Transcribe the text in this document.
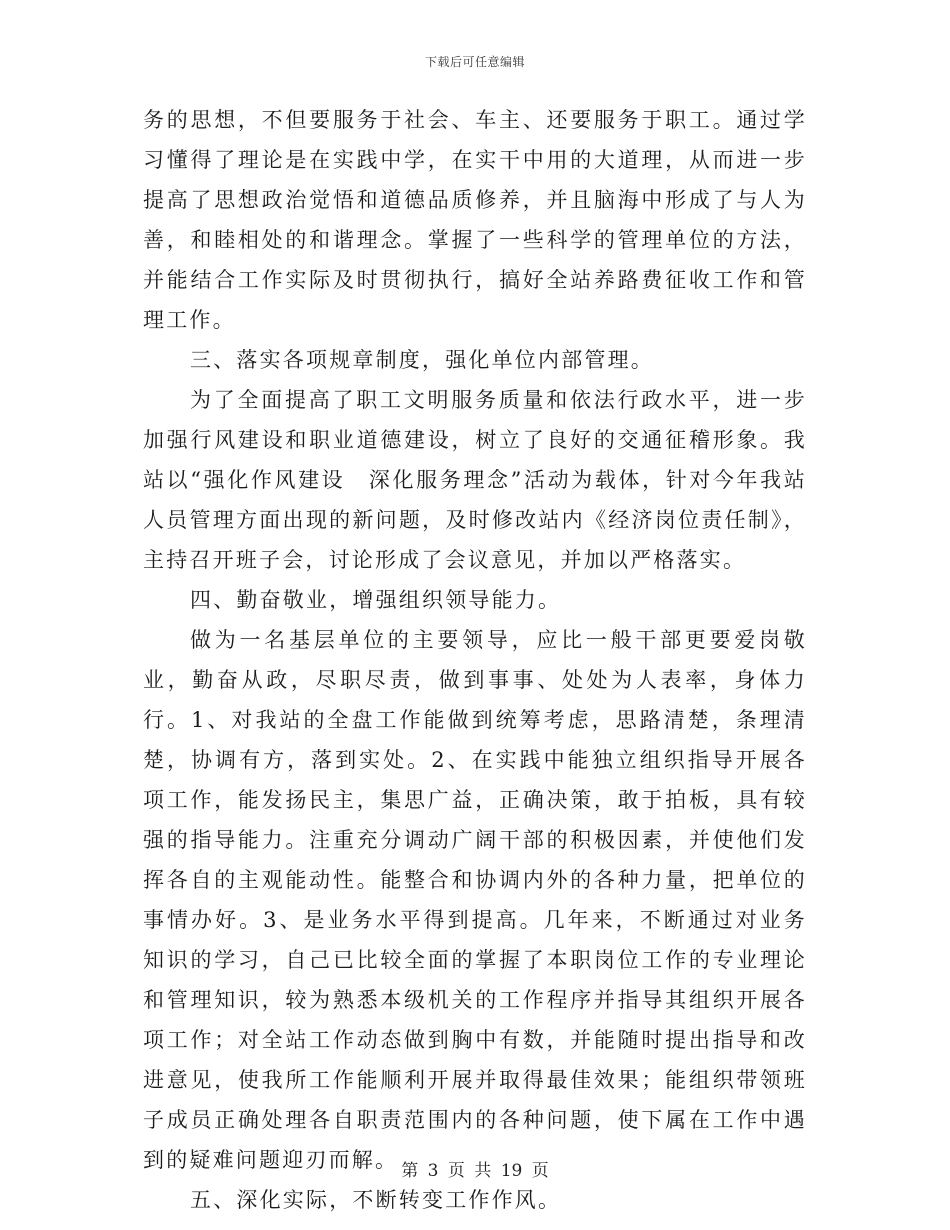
下载后可任意编辑

务的思想，不但要服务于社会、车主、还要服务于职工。通过学习懂得了理论是在实践中学，在实干中用的大道理，从而进一步提高了思想政治觉悟和道德品质修养，并且脑海中形成了与人为善，和睦相处的和谐理念。掌握了一些科学的管理单位的方法，并能结合工作实际及时贯彻执行，搞好全站养路费征收工作和管理工作。

三、落实各项规章制度，强化单位内部管理。

为了全面提高了职工文明服务质量和依法行政水平，进一步加强行风建设和职业道德建设，树立了良好的交通征稽形象。我站以“强化作风建设　深化服务理念”活动为载体，针对今年我站人员管理方面出现的新问题，及时修改站内《经济岗位责任制》，主持召开班子会，讨论形成了会议意见，并加以严格落实。

四、勤奋敬业，增强组织领导能力。

做为一名基层单位的主要领导，应比一般干部更要爱岗敬业，勤奋从政，尽职尽责，做到事事、处处为人表率，身体力行。1、对我站的全盘工作能做到统筹考虑，思路清楚，条理清楚，协调有方，落到实处。2、在实践中能独立组织指导开展各项工作，能发扬民主，集思广益，正确决策，敢于拍板，具有较强的指导能力。注重充分调动广阔干部的积极因素，并使他们发挥各自的主观能动性。能整合和协调内外的各种力量，把单位的事情办好。3、是业务水平得到提高。几年来，不断通过对业务知识的学习，自己已比较全面的掌握了本职岗位工作的专业理论和管理知识，较为熟悉本级机关的工作程序并指导其组织开展各项工作；对全站工作动态做到胸中有数，并能随时提出指导和改进意见，使我所工作能顺利开展并取得最佳效果；能组织带领班子成员正确处理各自职责范围内的各种问题，使下属在工作中遇到的疑难问题迎刃而解。

五、深化实际，不断转变工作作风。

第 3 页 共 19 页
